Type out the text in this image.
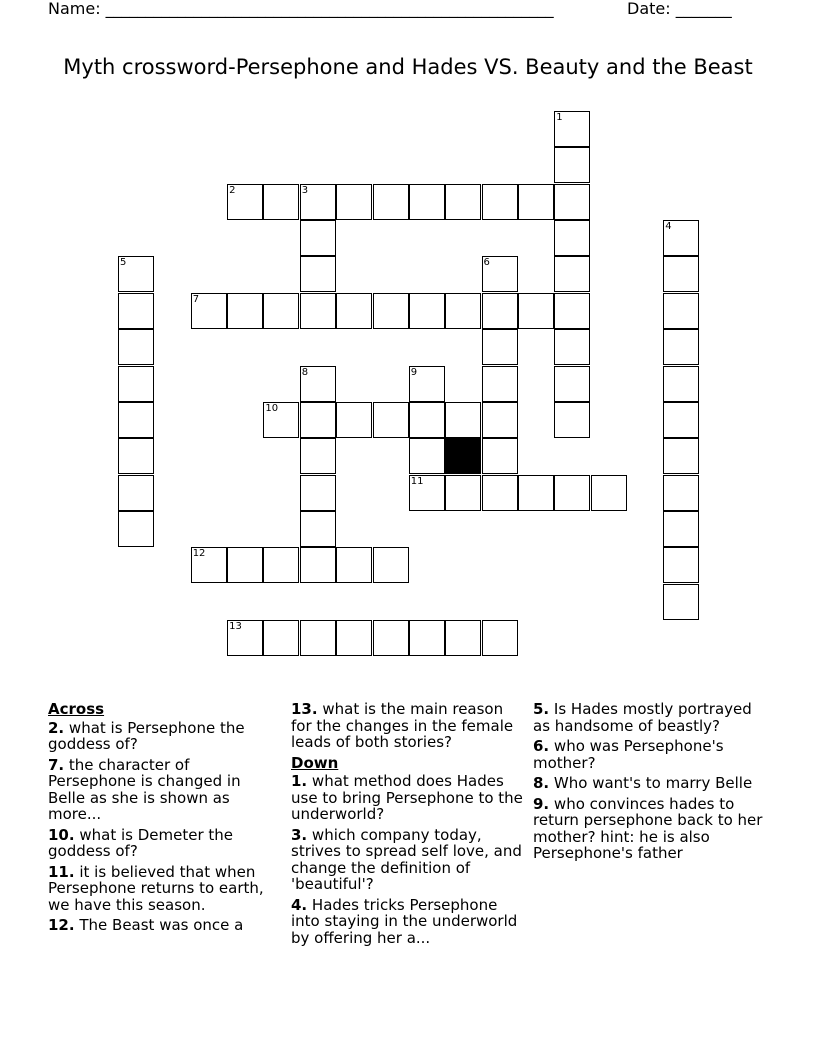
Name: ________________________________________________________	Date: _______
Myth crossword-Persephone and Hades VS. Beauty and the Beast
1
2	3
4
5	6
7
8	9
11
10
12
13
Across
2. what is Persephone the goddess of?
7. the character of Persephone is changed in Belle as she is shown as more...
10. what is Demeter the goddess of?
11. it is believed that when Persephone returns to earth, we have this season.
12. The Beast was once a
13. what is the main reason for the changes in the female leads of both stories?
Down
1. what method does Hades use to bring Persephone to the underworld?
3. which company today, strives to spread self love, and change the definition of 'beautiful'?
4. Hades tricks Persephone into staying in the underworld by offering her a...
5. Is Hades mostly portrayed as handsome of beastly?
6. who was Persephone's mother?
8. Who want's to marry Belle
9. who convinces hades to return persephone back to her mother? hint: he is also Persephone's father
